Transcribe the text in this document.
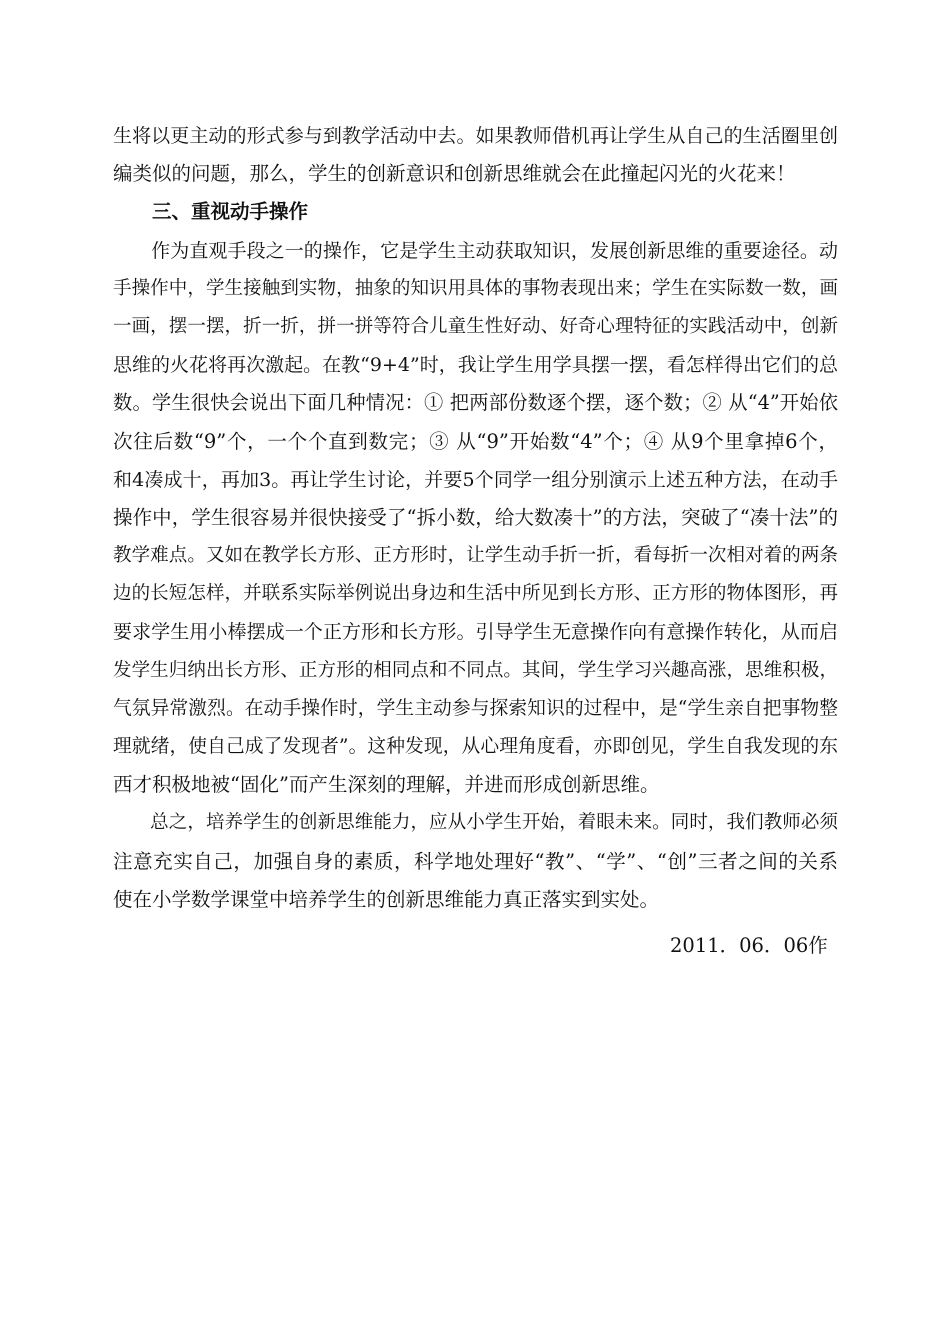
生将以更主动的形式参与到教学活动中去。如果教师借机再让学生从自己的生活圈里创
编类似的问题，那么，学生的创新意识和创新思维就会在此撞起闪光的火花来！
三、重视动手操作
　　作为直观手段之一的操作，它是学生主动获取知识，发展创新思维的重要途径。动
手操作中，学生接触到实物，抽象的知识用具体的事物表现出来；学生在实际数一数，画
一画，摆一摆，折一折，拼一拼等符合儿童生性好动、好奇心理特征的实践活动中，创新
思维的火花将再次激起。在教“9+4”时，我让学生用学具摆一摆，看怎样得出它们的总
数。学生很快会说出下面几种情况：① 把两部份数逐个摆，逐个数；② 从“4”开始依
次往后数“9”个，一个个直到数完；③ 从“9”开始数“4”个；④ 从9个里拿掉6个，
和4凑成十，再加3。再让学生讨论，并要5个同学一组分别演示上述五种方法，在动手
操作中，学生很容易并很快接受了“拆小数，给大数凑十”的方法，突破了“凑十法”的
教学难点。又如在教学长方形、正方形时，让学生动手折一折，看每折一次相对着的两条
边的长短怎样，并联系实际举例说出身边和生活中所见到长方形、正方形的物体图形，再
要求学生用小棒摆成一个正方形和长方形。引导学生无意操作向有意操作转化，从而启
发学生归纳出长方形、正方形的相同点和不同点。其间，学生学习兴趣高涨，思维积极，
气氛异常激烈。在动手操作时，学生主动参与探索知识的过程中，是“学生亲自把事物整
理就绪，使自己成了发现者”。这种发现，从心理角度看，亦即创见，学生自我发现的东
西才积极地被“固化”而产生深刻的理解，并进而形成创新思维。
　　总之，培养学生的创新思维能力，应从小学生开始，着眼未来。同时，我们教师必须
注意充实自己，加强自身的素质，科学地处理好“教”、“学”、“创”三者之间的关系
使在小学数学课堂中培养学生的创新思维能力真正落实到实处。
2011．06．06作
